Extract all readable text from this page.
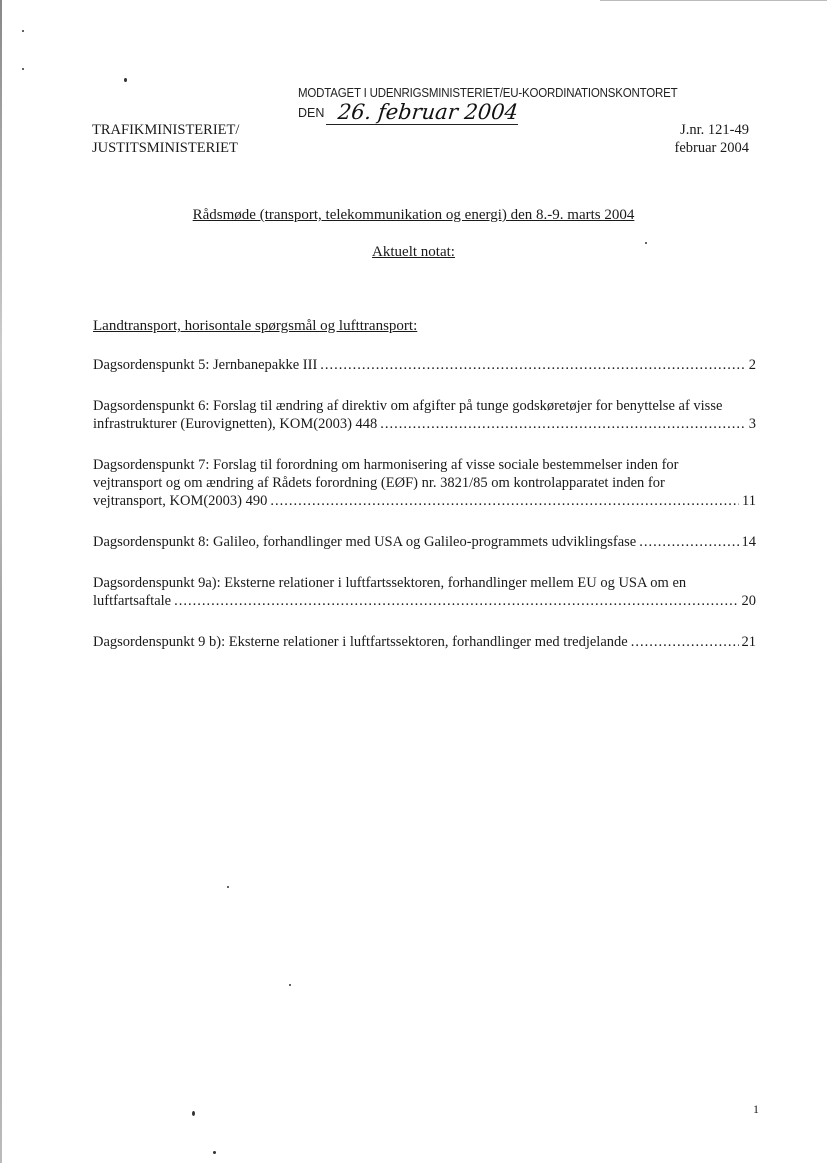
MODTAGET I UDENRIGSMINISTERIET/EU-KOORDINATIONSKONTORET
DEN 26. februar 2004
TRAFIKMINISTERIET/
JUSTITSMINISTERIET
J.nr. 121-49
februar 2004
Rådsmøde (transport, telekommunikation og energi) den 8.-9. marts 2004
Aktuelt notat:
Landtransport, horisontale spørgsmål og lufttransport:
Dagsordenspunkt 5: Jernbanepakke III .....	2
Dagsordenspunkt 6: Forslag til ændring af direktiv om afgifter på tunge godskøretøjer for benyttelse af visse
infrastrukturer (Eurovignetten), KOM(2003) 448 .....	3
Dagsordenspunkt 7: Forslag til forordning om harmonisering af visse sociale bestemmelser inden for
vejtransport og om ændring af Rådets forordning (EØF) nr. 3821/85 om kontrolapparatet inden for
vejtransport, KOM(2003) 490 .....	11
Dagsordenspunkt 8: Galileo, forhandlinger med USA og Galileo-programmets udviklingsfase .....	14
Dagsordenspunkt 9a): Eksterne relationer i luftfartssektoren, forhandlinger mellem EU og USA om en
luftfartsaftale .....	20
Dagsordenspunkt 9 b): Eksterne relationer i luftfartssektoren, forhandlinger med tredjelande .....	21
1
